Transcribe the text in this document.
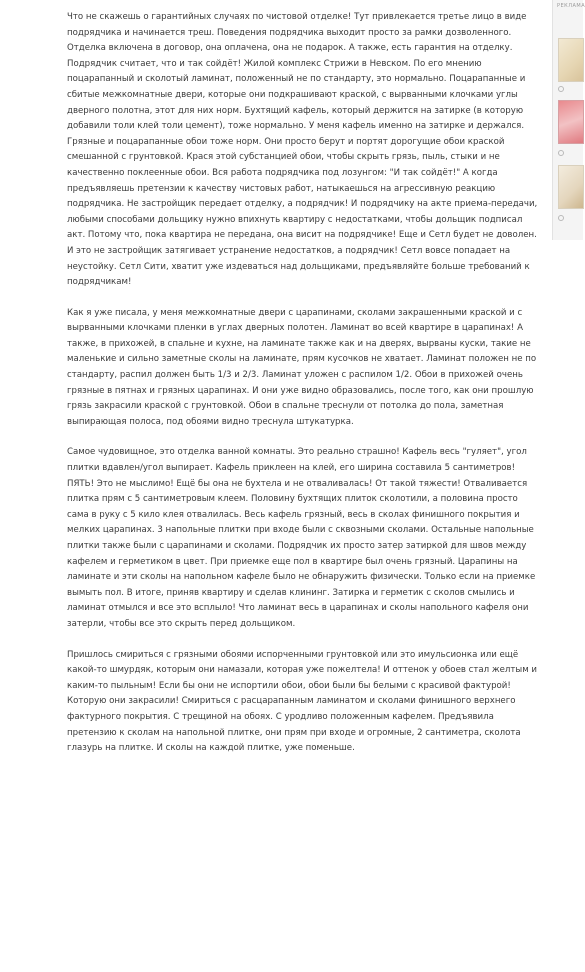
Что не скажешь о гарантийных случаях по чистовой отделке! Тут привлекается третье лицо в виде подрядчика и начинается треш. Поведения подрядчика выходит просто за рамки дозволенного. Отделка включена в договор, она оплачена, она не подарок. А также, есть гарантия на отделку. Подрядчик считает, что и так сойдёт! Жилой комплекс Стрижи в Невском. По его мнению поцарапанный и сколотый ламинат, положенный не по стандарту, это нормально. Поцарапанные и сбитые межкомнатные двери, которые они подкрашивают краской, с вырванными клочками углы дверного полотна, этот для них норм. Бухтящий кафель, который держится на затирке (в которую добавили толи клей толи цемент), тоже нормально. У меня кафель именно на затирке и держался. Грязные и поцарапанные обои тоже норм. Они просто берут и портят дорогущие обои краской смешанной с грунтовкой. Крася этой субстанцией обои, чтобы скрыть грязь, пыль, стыки и не качественно поклеенные обои. Вся работа подрядчика под лозунгом: "И так сойдёт!" А когда предъявляешь претензии к качеству чистовых работ, натыкаешься на агрессивную реакцию подрядчика. Не застройщик передает отделку, а подрядчик! И подрядчику на акте приема-передачи, любыми способами дольщику нужно впихнуть квартиру с недостатками, чтобы дольщик подписал акт. Потому что, пока квартира не передана, она висит на подрядчике! Еще и Сетл будет не доволен. И это не застройщик затягивает устранение недостатков, а подрядчик! Сетл вовсе попадает на неустойку. Сетл Сити, хватит уже издеваться над дольщиками, предъявляйте больше требований к подрядчикам!

Как я уже писала, у меня межкомнатные двери с царапинами, сколами закрашенными краской и с вырванными клочками пленки в углах дверных полотен. Ламинат во всей квартире в царапинах! А также, в прихожей, в спальне и кухне, на ламинате также как и на дверях, вырваны куски, такие не маленькие и сильно заметные сколы на ламинате, прям кусочков не хватает. Ламинат положен не по стандарту, распил должен быть 1/3 и 2/3. Ламинат уложен с распилом 1/2. Обои в прихожей очень грязные в пятнах и грязных царапинах. И они уже видно образовались, после того, как они прошлую грязь закрасили краской с грунтовкой. Обои в спальне треснули от потолка до пола, заметная выпирающая полоса, под обоями видно треснула штукатурка.

Самое чудовищное, это отделка ванной комнаты. Это реально страшно! Кафель весь "гуляет", угол плитки вдавлен/угол выпирает. Кафель приклеен на клей, его ширина составила 5 сантиметров! ПЯТЬ! Это не мыслимо! Ещё бы она не бухтела и не отваливалась! От такой тяжести! Отваливается плитка прям с 5 сантиметровым клеем. Половину бухтящих плиток сколотили, а половина просто сама в руку с 5 кило клея отвалилась. Весь кафель грязный, весь в сколах финишного покрытия и мелких царапинах. 3 напольные плитки при входе были с сквозными сколами. Остальные напольные плитки также были с царапинами и сколами. Подрядчик их просто затер затиркой для швов между кафелем и герметиком в цвет. При приемке еще пол в квартире был очень грязный. Царапины на ламинате и эти сколы на напольном кафеле было не обнаружить физически. Только если на приемке вымыть пол. В итоге, приняв квартиру и сделав клининг. Затирка и герметик с сколов смылись и ламинат отмылся и все это всплыло! Что ламинат весь в царапинах и сколы напольного кафеля они затерли, чтобы все это скрыть перед дольщиком.

Пришлось смириться с грязными обоями испорченными грунтовкой или это имульсионка или ещё какой-то шмурдяк, которым они намазали, которая уже пожелтела! И оттенок у обоев стал желтым и каким-то пыльным! Если бы они не испортили обои, обои были бы белыми с красивой фактурой! Которую они закрасили! Смириться с расцарапанным ламинатом и сколами финишного верхнего фактурного покрытия. С трещиной на обоях. С уродливо положенным кафелем. Предъявила претензию к сколам на напольной плитке, они прям при входе и огромные, 2 сантиметра, сколота глазурь на плитке. И сколы на каждой плитке, уже поменьше.

РЕКЛАМА
